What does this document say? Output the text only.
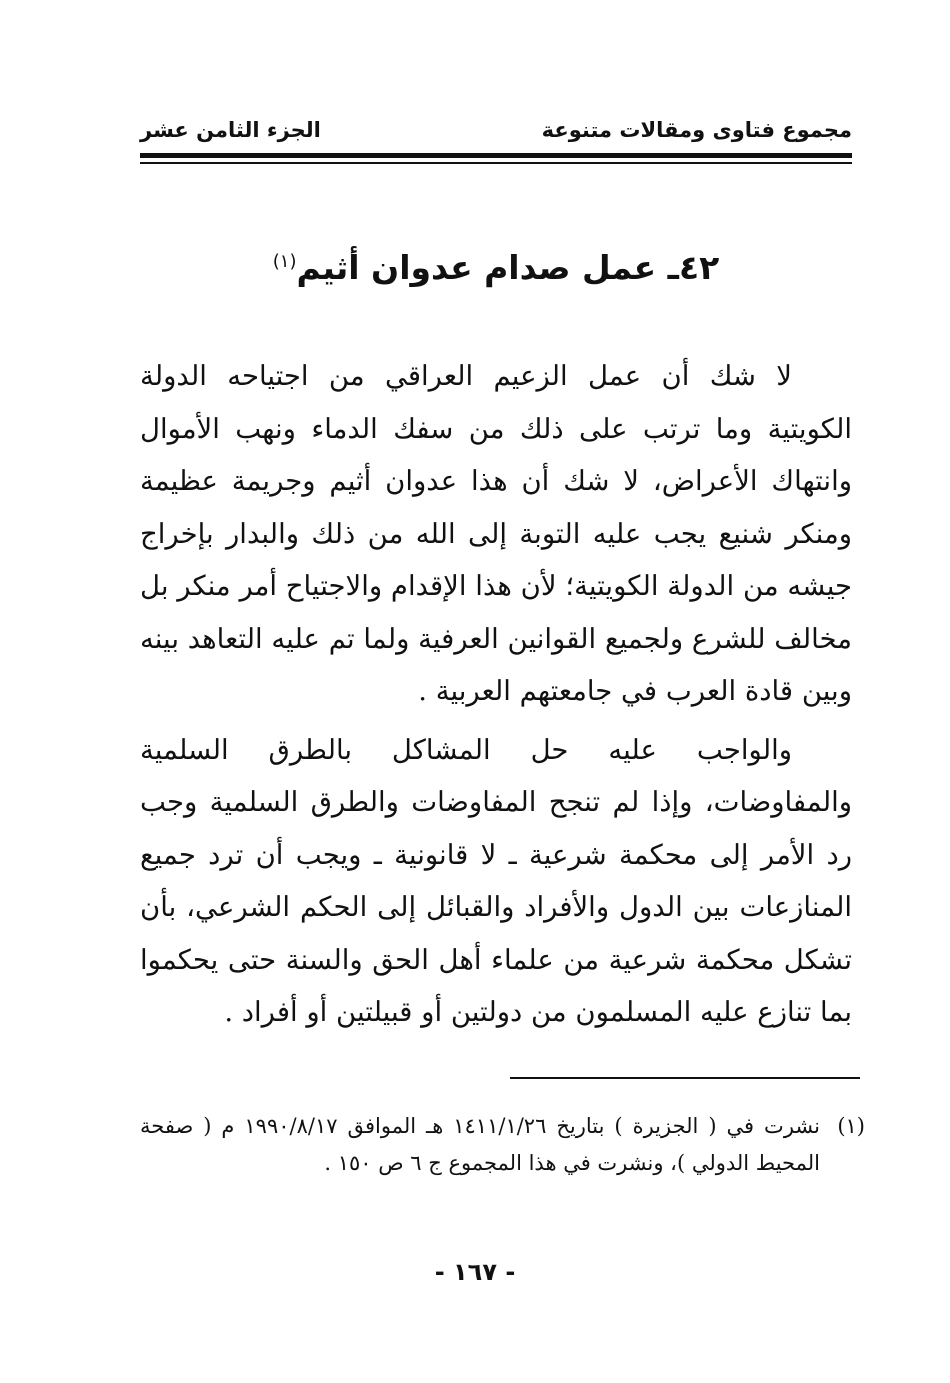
مجموع فتاوى ومقالات متنوعة
الجزء الثامن عشر
٤٢ـ عمل صدام عدوان أثيم$^{(١)}$

لا شك أن عمل الزعيم العراقي من اجتياحه الدولة الكويتية وما ترتب على ذلك من سفك الدماء ونهب الأموال وانتهاك الأعراض، لا شك أن هذا عدوان أثيم وجريمة عظيمة ومنكر شنيع يجب عليه التوبة إلى الله من ذلك والبدار بإخراج جيشه من الدولة الكويتية؛ لأن هذا الإقدام والاجتياح أمر منكر بل مخالف للشرع ولجميع القوانين العرفية ولما تم عليه التعاهد بينه وبين قادة العرب في جامعتهم العربية .

والواجب عليه حل المشاكل بالطرق السلمية والمفاوضات، وإذا لم تنجح المفاوضات والطرق السلمية وجب رد الأمر إلى محكمة شرعية ـ لا قانونية ـ ويجب أن ترد جميع المنازعات بين الدول والأفراد والقبائل إلى الحكم الشرعي، بأن تشكل محكمة شرعية من علماء أهل الحق والسنة حتى يحكموا بما تنازع عليه المسلمون من دولتين أو قبيلتين أو أفراد .

(١)
نشرت في ( الجزيرة ) بتاريخ ١٤١١/١/٢٦ هـ الموافق ١٩٩٠/٨/١٧ م ( صفحة المحيط الدولي )، ونشرت في هذا المجموع ج ٦ ص ١٥٠ .
- ١٦٧ -
